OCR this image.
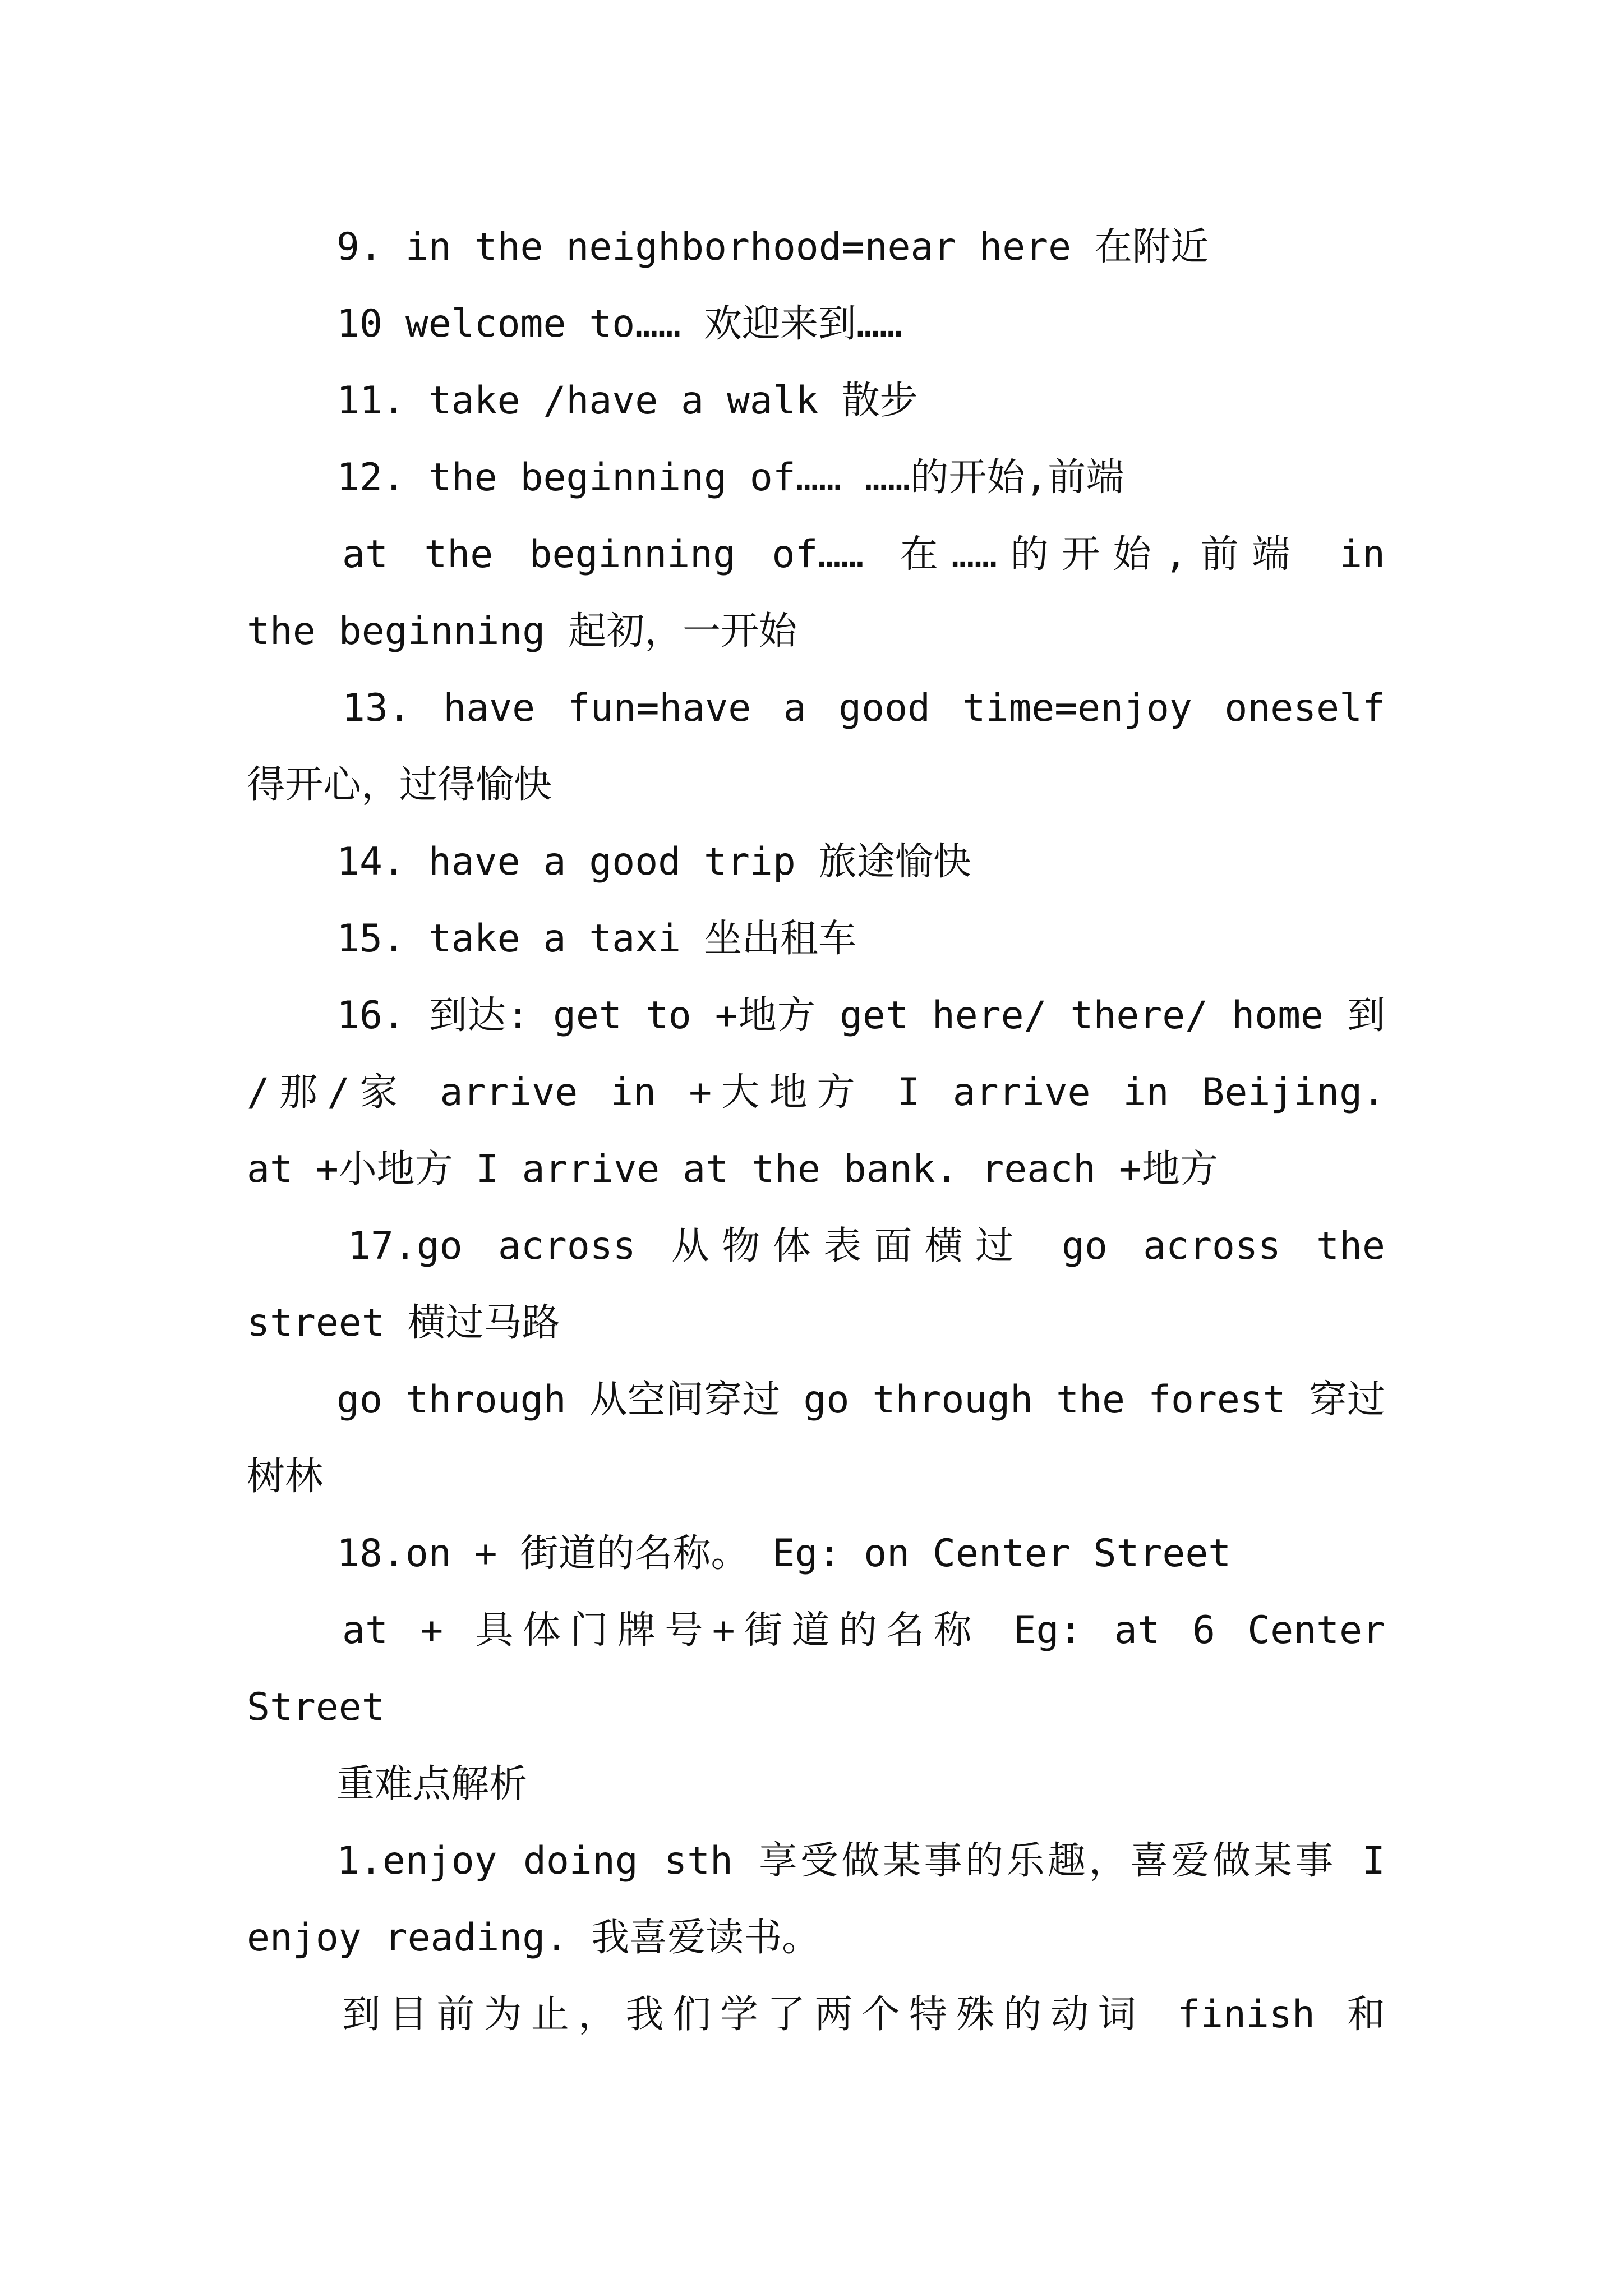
9. in the neighborhood=near here 在附近
10 welcome to…… 欢迎来到……
11. take /have a walk 散步
12. the beginning of…… ……的开始,前端
at the beginning of…… 在……的开始,前端 in
the beginning 起初，一开始
13. have fun=have a good time=enjoy oneself
得开心，过得愉快
14. have a good trip 旅途愉快
15. take a taxi 坐出租车
16. 到达: get to +地方 get here/ there/ home 到
/那/家 arrive in +大地方 I arrive in Beijing.
at +小地方 I arrive at the bank. reach +地方
17.go across 从物体表面横过 go across the
street 横过马路
go through 从空间穿过 go through the forest 穿过
树林
18.on + 街道的名称。 Eg: on Center Street
at + 具体门牌号+街道的名称 Eg: at 6 Center
Street
重难点解析
1.enjoy doing sth 享受做某事的乐趣，喜爱做某事 I
enjoy reading. 我喜爱读书。
到目前为止，我们学了两个特殊的动词 finish 和
